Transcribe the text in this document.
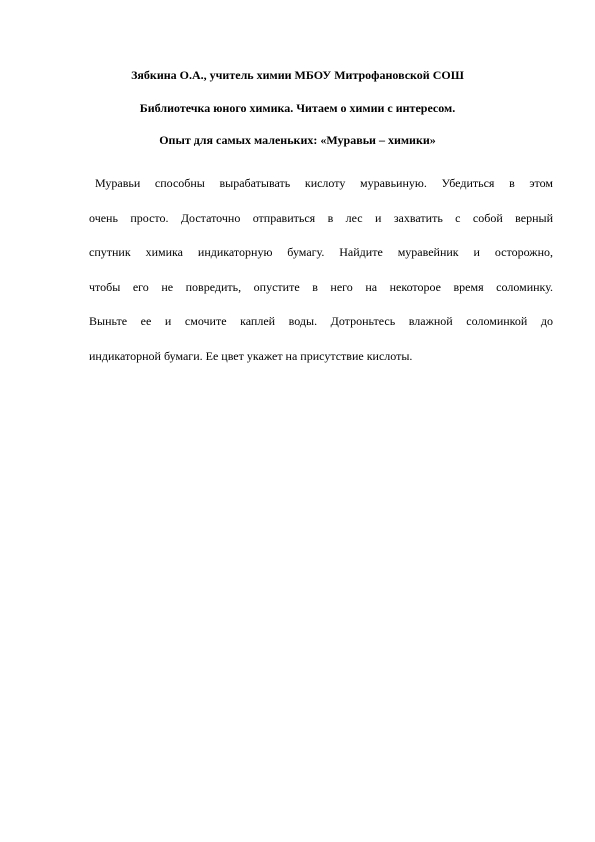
Зябкина О.А., учитель химии МБОУ Митрофановской СОШ
Библиотечка юного химика. Читаем о химии с интересом.
Опыт для самых маленьких: «Муравьи – химики»
Муравьи способны вырабатывать кислоту муравьиную. Убедиться в этом
очень просто. Достаточно отправиться в лес и захватить с собой верный
спутник химика индикаторную бумагу. Найдите муравейник и осторожно,
чтобы его не повредить, опустите в него на некоторое время соломинку.
Выньте ее и смочите каплей воды. Дотроньтесь влажной соломинкой до
индикаторной бумаги. Ее цвет укажет на присутствие кислоты.
